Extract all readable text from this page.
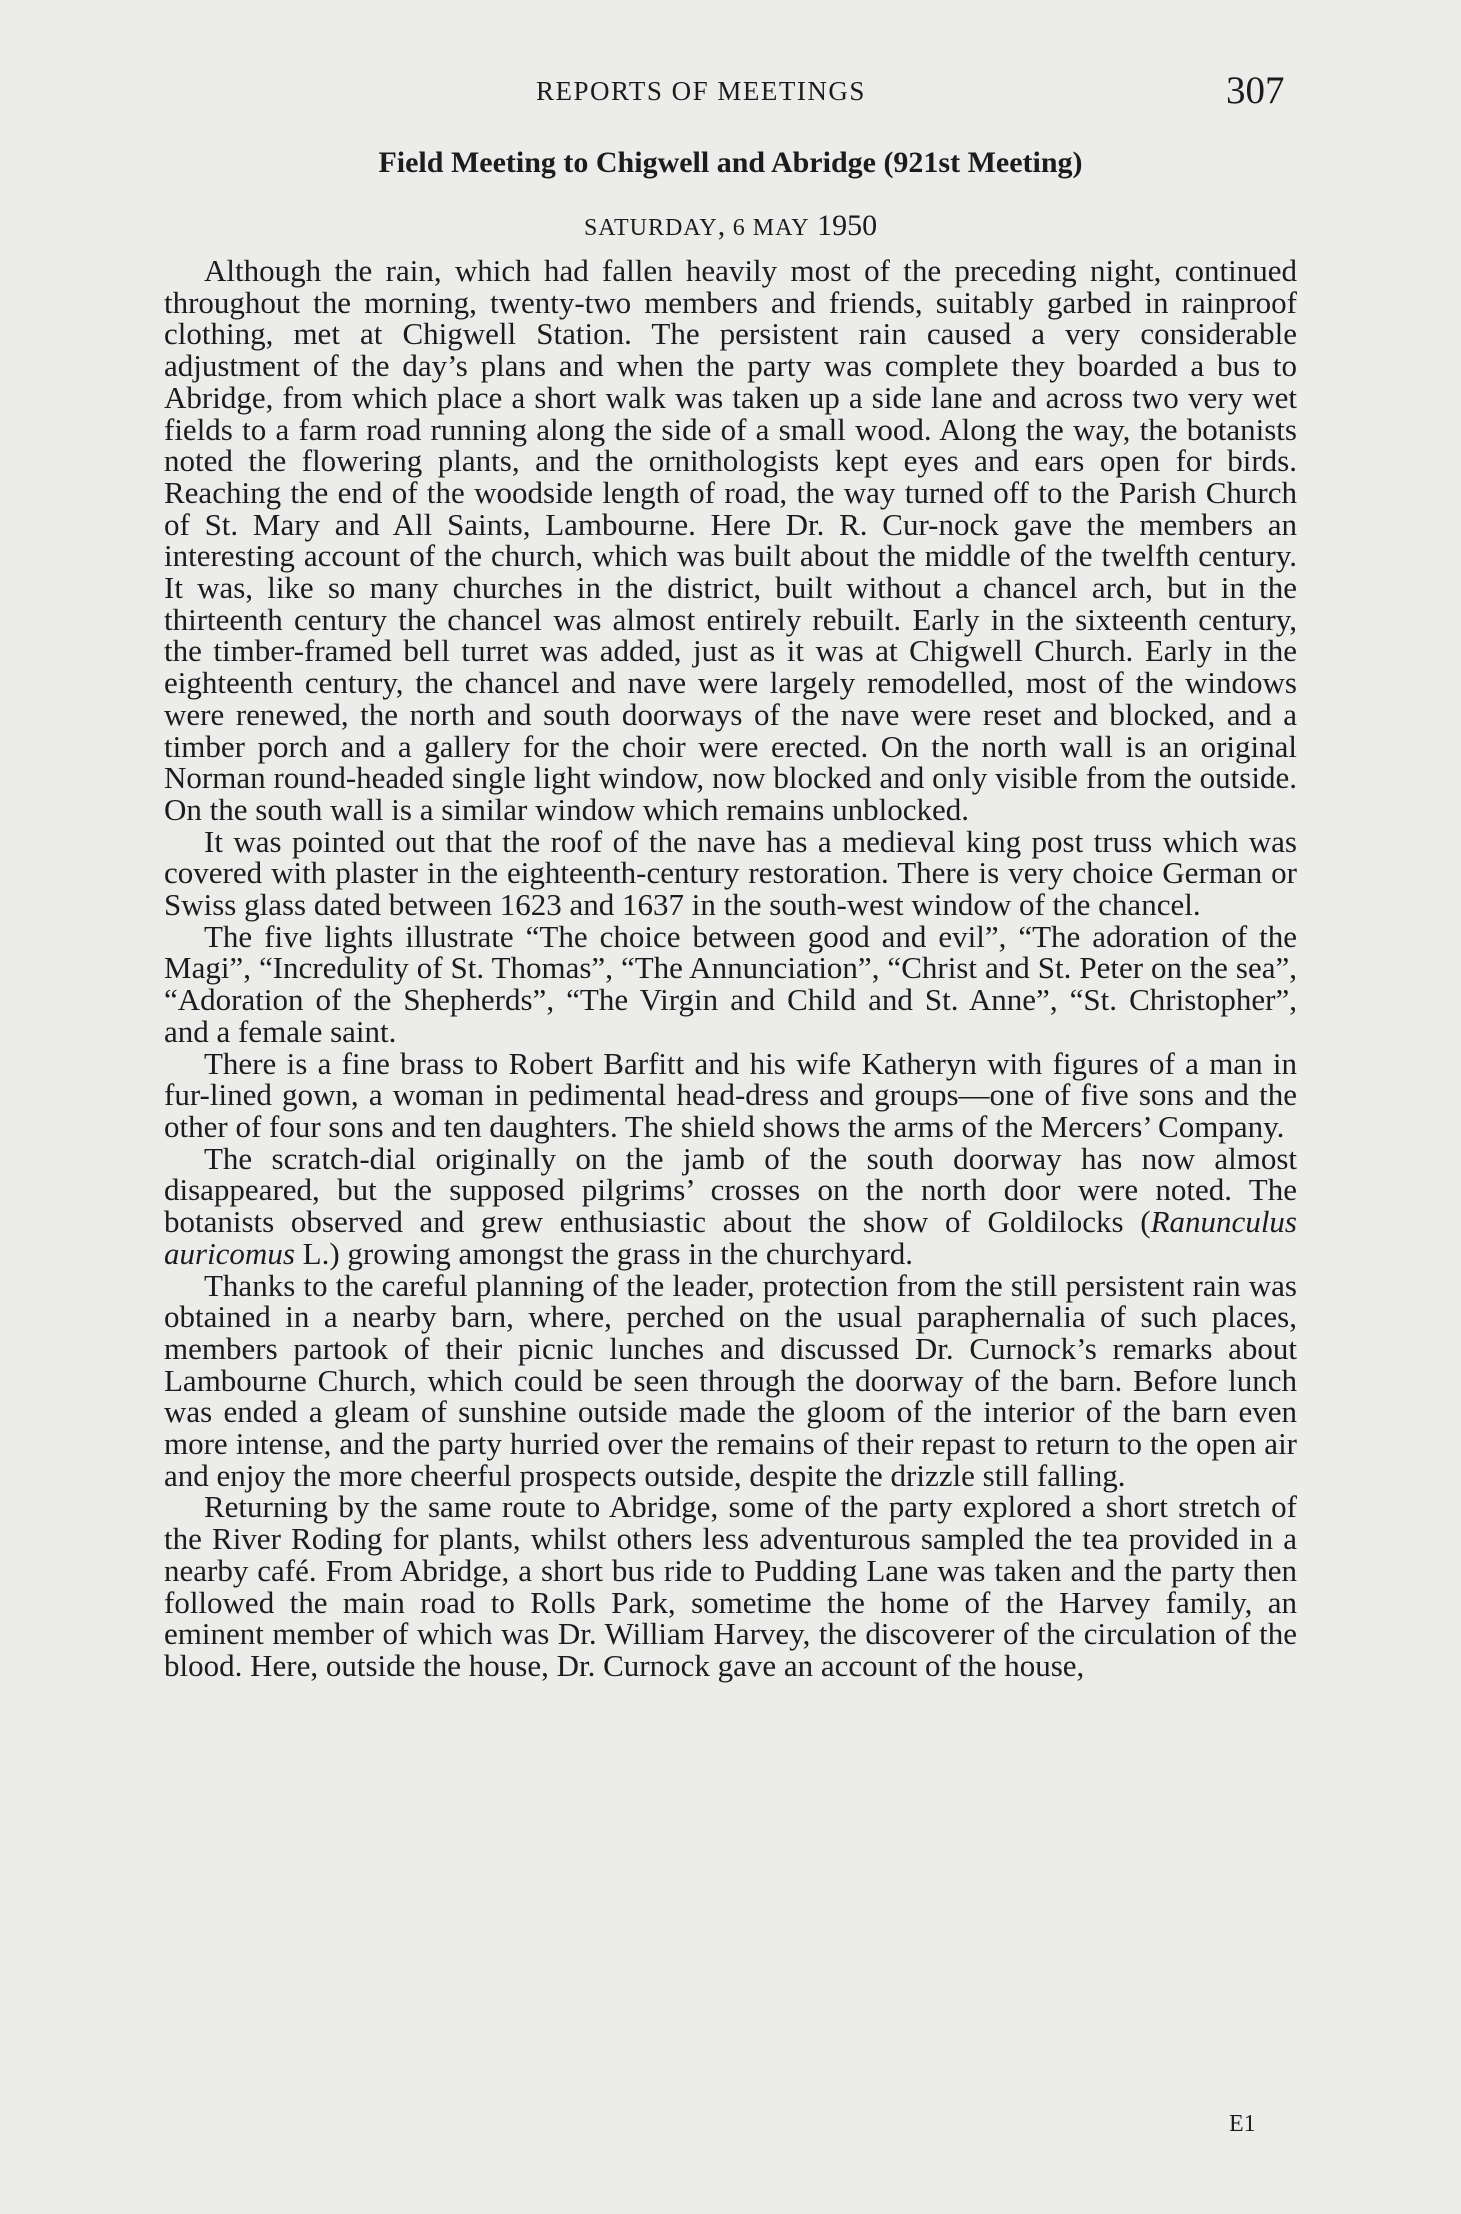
REPORTS OF MEETINGS	307
Field Meeting to Chigwell and Abridge (921st Meeting)
SATURDAY, 6 MAY 1950

Although the rain, which had fallen heavily most of the preceding night, continued throughout the morning, twenty-two members and friends, suitably garbed in rainproof clothing, met at Chigwell Station. The persistent rain caused a very considerable adjustment of the day’s plans and when the party was complete they boarded a bus to Abridge, from which place a short walk was taken up a side lane and across two very wet fields to a farm road running along the side of a small wood. Along the way, the botanists noted the flowering plants, and the ornithologists kept eyes and ears open for birds. Reaching the end of the woodside length of road, the way turned off to the Parish Church of St. Mary and All Saints, Lambourne. Here Dr. R. Cur-nock gave the members an interesting account of the church, which was built about the middle of the twelfth century. It was, like so many churches in the district, built without a chancel arch, but in the thirteenth century the chancel was almost entirely rebuilt. Early in the sixteenth century, the timber-framed bell turret was added, just as it was at Chigwell Church. Early in the eighteenth century, the chancel and nave were largely remodelled, most of the windows were renewed, the north and south doorways of the nave were reset and blocked, and a timber porch and a gallery for the choir were erected. On the north wall is an original Norman round-headed single light window, now blocked and only visible from the outside. On the south wall is a similar window which remains unblocked.

It was pointed out that the roof of the nave has a medieval king post truss which was covered with plaster in the eighteenth-century restoration. There is very choice German or Swiss glass dated between 1623 and 1637 in the south-west window of the chancel.

The five lights illustrate “The choice between good and evil”, “The adoration of the Magi”, “Incredulity of St. Thomas”, “The Annunciation”, “Christ and St. Peter on the sea”, “Adoration of the Shepherds”, “The Virgin and Child and St. Anne”, “St. Christopher”, and a female saint.

There is a fine brass to Robert Barfitt and his wife Katheryn with figures of a man in fur-lined gown, a woman in pedimental head-dress and groups—one of five sons and the other of four sons and ten daughters. The shield shows the arms of the Mercers’ Company.

The scratch-dial originally on the jamb of the south doorway has now almost disappeared, but the supposed pilgrims’ crosses on the north door were noted. The botanists observed and grew enthusiastic about the show of Goldilocks (Ranunculus auricomus L.) growing amongst the grass in the churchyard.

Thanks to the careful planning of the leader, protection from the still persistent rain was obtained in a nearby barn, where, perched on the usual paraphernalia of such places, members partook of their picnic lunches and discussed Dr. Curnock’s remarks about Lambourne Church, which could be seen through the doorway of the barn. Before lunch was ended a gleam of sunshine outside made the gloom of the interior of the barn even more intense, and the party hurried over the remains of their repast to return to the open air and enjoy the more cheerful prospects outside, despite the drizzle still falling.

Returning by the same route to Abridge, some of the party explored a short stretch of the River Roding for plants, whilst others less adventurous sampled the tea provided in a nearby café. From Abridge, a short bus ride to Pudding Lane was taken and the party then followed the main road to Rolls Park, sometime the home of the Harvey family, an eminent member of which was Dr. William Harvey, the discoverer of the circulation of the blood. Here, outside the house, Dr. Curnock gave an account of the house,

E1
